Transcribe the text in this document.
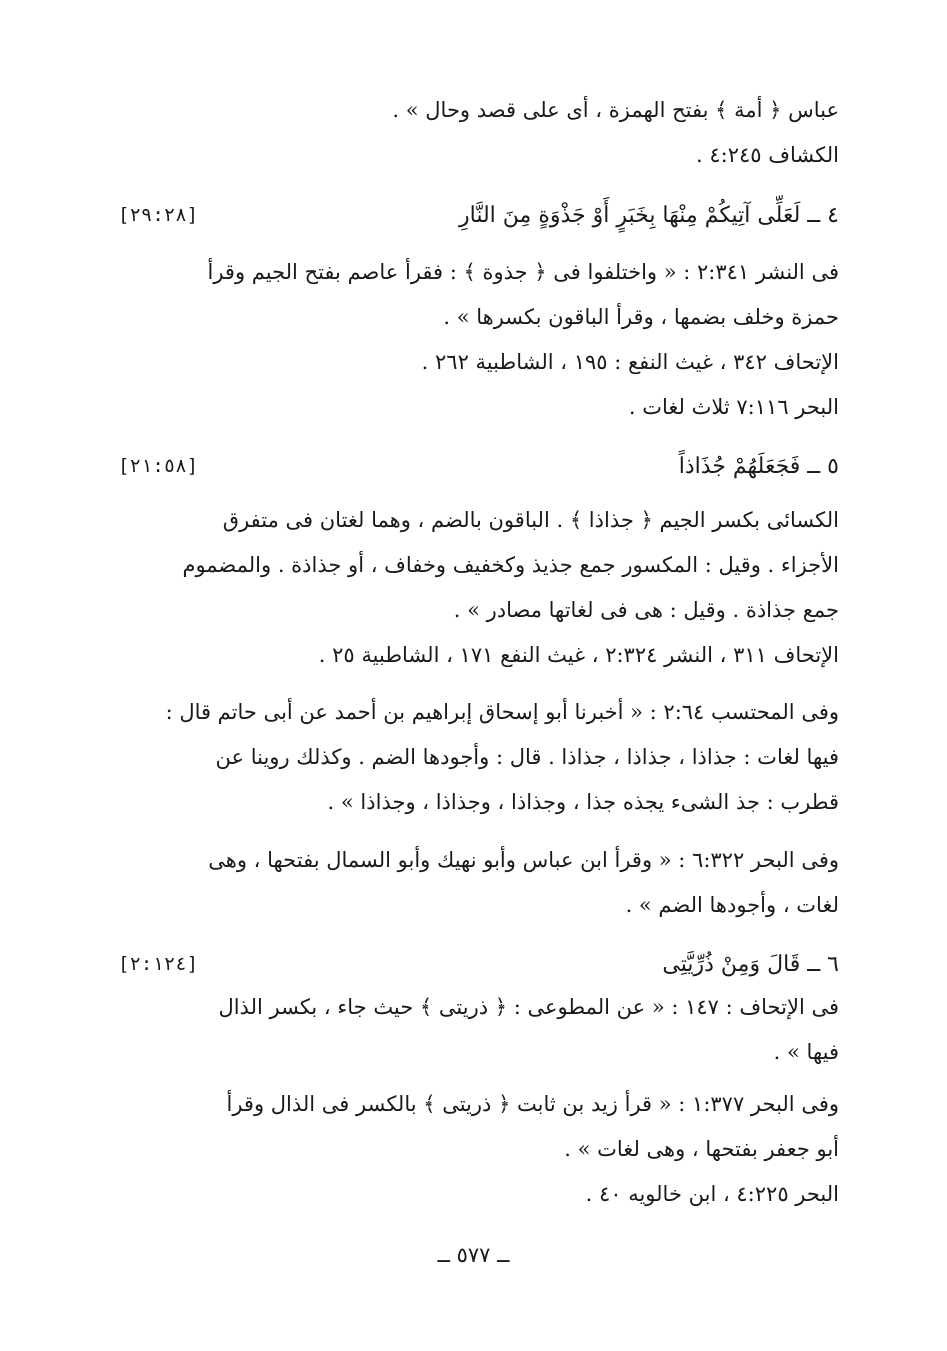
عباس ﴿ أمة ﴾ بفتح الهمزة ، أى على قصد وحال » .
الكشاف ٤:٢٤٥ .
٤ ــ لَعَلِّى آتِيكُمْ مِنْهَا بِخَبَرٍ أَوْ جَذْوَةٍ مِنَ النَّارِ
[٢٩:٢٨]
فى النشر ٢:٣٤١ : « واختلفوا فى ﴿ جذوة ﴾ : فقرأ عاصم بفتح الجيم وقرأ
حمزة وخلف بضمها ، وقرأ الباقون بكسرها » .
الإتحاف ٣٤٢ ، غيث النفع : ١٩٥ ، الشاطبية ٢٦٢ .
البحر ٧:١١٦ ثلاث لغات .
٥ ــ فَجَعَلَهُمْ جُذَاذاً
[٢١:٥٨]
الكسائى بكسر الجيم ﴿ جذاذا ﴾ . الباقون بالضم ، وهما لغتان فى متفرق
الأجزاء . وقيل : المكسور جمع جذيذ وكخفيف وخفاف ، أو جذاذة . والمضموم
جمع جذاذة . وقيل : هى فى لغاتها مصادر » .
الإتحاف ٣١١ ، النشر ٢:٣٢٤ ، غيث النفع ١٧١ ، الشاطبية ٢٥ .
وفى المحتسب ٢:٦٤ : « أخبرنا أبو إسحاق إبراهيم بن أحمد عن أبى حاتم قال :
فيها لغات : جذاذا ، جذاذا ، جذاذا . قال : وأجودها الضم . وكذلك روينا عن
قطرب : جذ الشىء يجذه جذا ، وجذاذا ، وجذاذا ، وجذاذا » .
وفى البحر ٦:٣٢٢ : « وقرأ ابن عباس وأبو نهيك وأبو السمال بفتحها ، وهى
لغات ، وأجودها الضم » .
٦ ــ قَالَ وَمِنْ ذُرِّيَّتِى
[٢:١٢٤]
فى الإتحاف : ١٤٧ : « عن المطوعى : ﴿ ذريتى ﴾ حيث جاء ، بكسر الذال
فيها » .
وفى البحر ١:٣٧٧ : « قرأ زيد بن ثابت ﴿ ذريتى ﴾ بالكسر فى الذال وقرأ
أبو جعفر بفتحها ، وهى لغات » .
البحر ٤:٢٢٥ ، ابن خالويه ٤٠ .
ــ ٥٧٧ ــ
